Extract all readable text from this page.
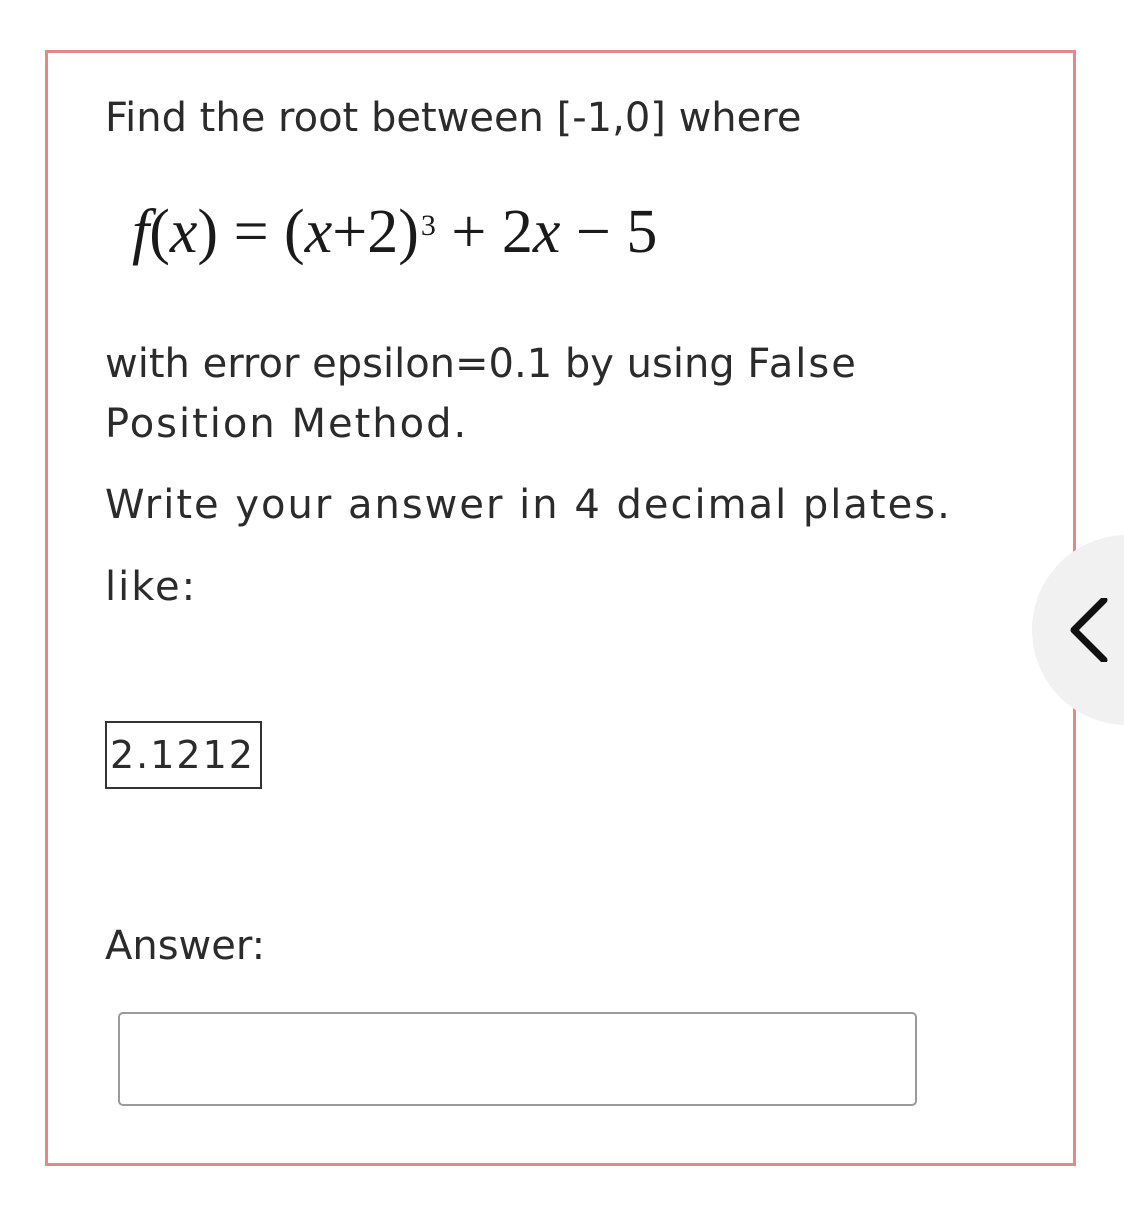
Find the root between [-1,0] where
$f(x) = (x+2)^3 + 2x - 5$
with error epsilon=0.1 by using False
Position Method.
Write your answer in 4 decimal plates.
like:
2.1212
Answer:
